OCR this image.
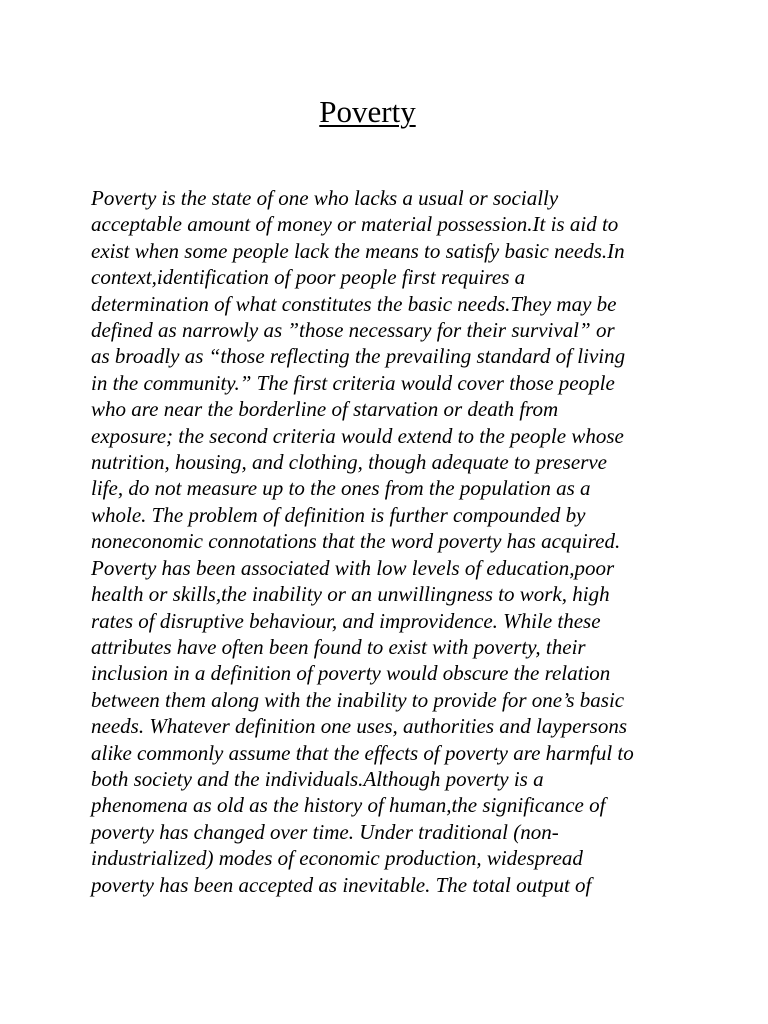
Poverty

Poverty is the state of one who lacks a usual or socially
acceptable amount of money or material possession.It is aid to
exist when some people lack the means to satisfy basic needs.In
context,identification of poor people first requires a
determination of what constitutes the basic needs.They may be
defined as narrowly as ”those necessary for their survival” or
as broadly as “those reflecting the prevailing standard of living
in the community.” The first criteria would cover those people
who are near the borderline of starvation or death from
exposure; the second criteria would extend to the people whose
nutrition, housing, and clothing, though adequate to preserve
life, do not measure up to the ones from the population as a
whole. The problem of definition is further compounded by
noneconomic connotations that the word poverty has acquired.
Poverty has been associated with low levels of education,poor
health or skills,the inability or an unwillingness to work, high
rates of disruptive behaviour, and improvidence. While these
attributes have often been found to exist with poverty, their
inclusion in a definition of poverty would obscure the relation
between them along with the inability to provide for one’s basic
needs. Whatever definition one uses, authorities and laypersons
alike commonly assume that the effects of poverty are harmful to
both society and the individuals.Although poverty is a
phenomena as old as the history of human,the significance of
poverty has changed over time. Under traditional (non-
industrialized) modes of economic production, widespread
poverty has been accepted as inevitable. The total output of
